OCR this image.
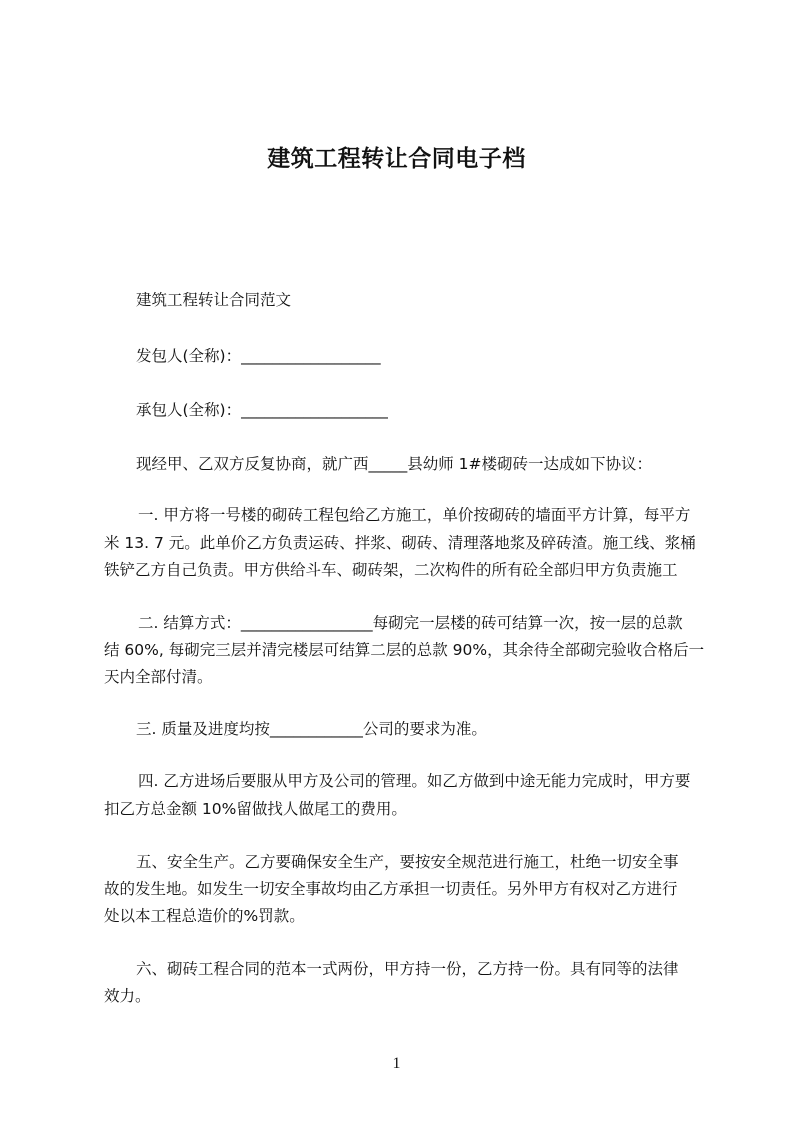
建筑工程转让合同电子档
建筑工程转让合同范文
发包人(全称)：__________________
承包人(全称)：___________________
现经甲、乙双方反复协商，就广西_____县幼师 1#楼砌砖一达成如下协议：
一. 甲方将一号楼的砌砖工程包给乙方施工，单价按砌砖的墙面平方计算，每平方
米 13. 7 元。此单价乙方负责运砖、拌浆、砌砖、清理落地浆及碎砖渣。施工线、浆桶
铁铲乙方自己负责。甲方供给斗车、砌砖架，二次构件的所有砼全部归甲方负责施工
二. 结算方式：_________________每砌完一层楼的砖可结算一次，按一层的总款
结 60%, 每砌完三层并清完楼层可结算二层的总款 90%，其余待全部砌完验收合格后一
天内全部付清。
三. 质量及进度均按____________公司的要求为准。
四. 乙方进场后要服从甲方及公司的管理。如乙方做到中途无能力完成时，甲方要
扣乙方总金额 10%留做找人做尾工的费用。
五、安全生产。乙方要确保安全生产，要按安全规范进行施工，杜绝一切安全事
故的发生地。如发生一切安全事故均由乙方承担一切责任。另外甲方有权对乙方进行
处以本工程总造价的%罚款。
六、砌砖工程合同的范本一式两份，甲方持一份，乙方持一份。具有同等的法律
效力。
1
